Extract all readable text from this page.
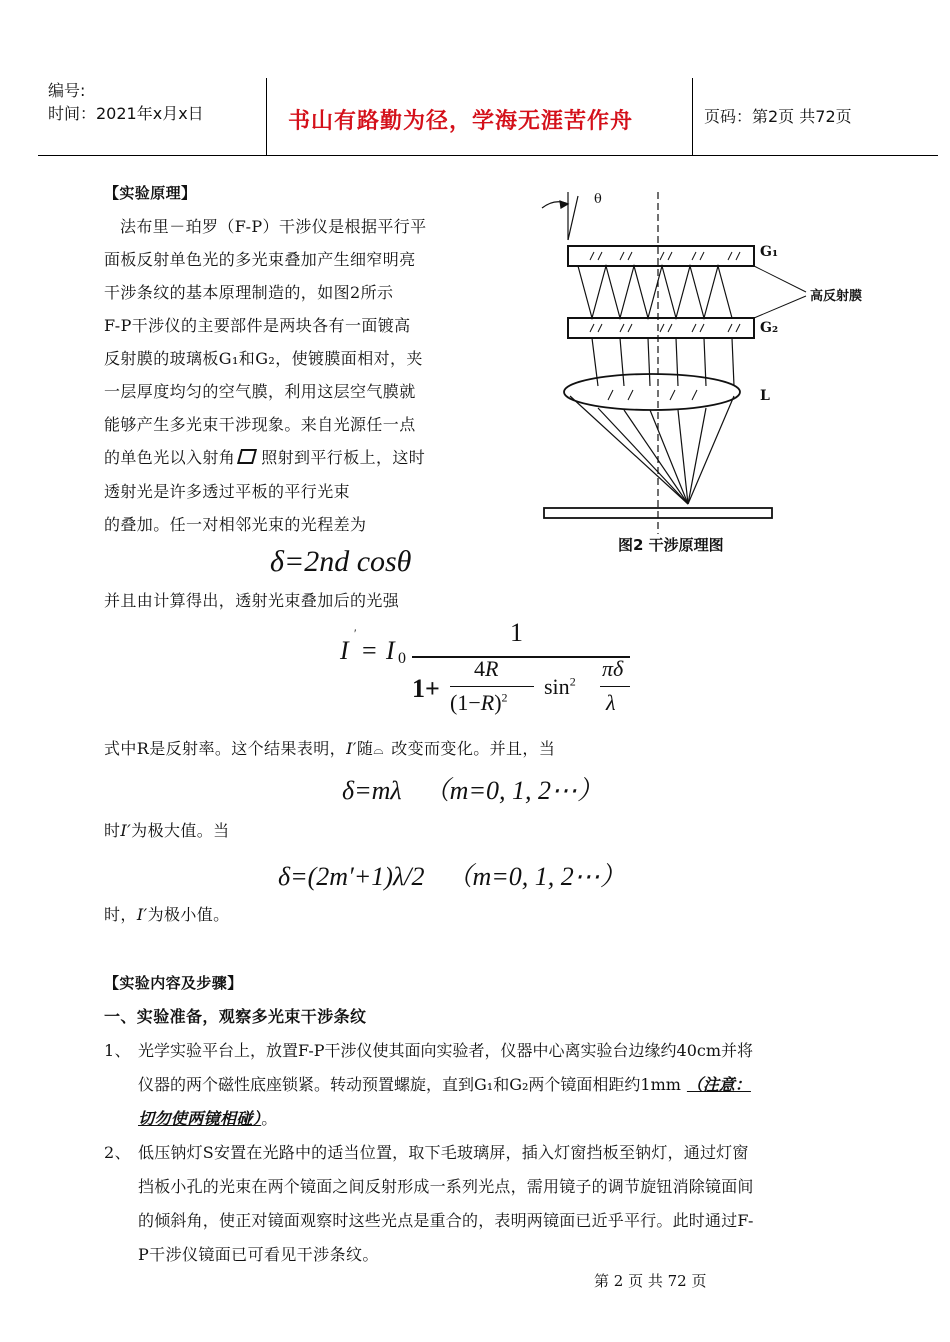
编号:
时间：2021年x月x日	书山有路勤为径，学海无涯苦作舟	页码：第2页 共72页
【实验原理】
法布里－珀罗（F-P）干涉仪是根据平行平
面板反射单色光的多光束叠加产生细窄明亮
干涉条纹的基本原理制造的，如图2所示
F-P干涉仪的主要部件是两块各有一面镀高
反射膜的玻璃板G₁和G₂，使镀膜面相对，夹
一层厚度均匀的空气膜，利用这层空气膜就
能够产生多光束干涉现象。来自光源任一点
的单色光以入射角 照射到平行板上，这时
透射光是许多透过平板的平行光束
的叠加。任一对相邻光束的光程差为
θ
G₁
G₂
高反射膜
L
图2 干涉原理图
δ=2nd cosθ
并且由计算得出，透射光束叠加后的光强
I
′
= I 0
1
1+
4R
$(1-R)^2$ $\sin^2$
πδ
λ
式中R是反射率。这个结果表明，I′随⌓ 改变而变化。并且，当
δ=mλ （m=0, 1, 2⋯）
时I′为极大值。当
δ=(2m′+1)λ/2 （m=0, 1, 2⋯）
时，I′为极小值。
【实验内容及步骤】
一、实验准备，观察多光束干涉条纹
1、 光学实验平台上，放置F-P干涉仪使其面向实验者，仪器中心离实验台边缘约40cm并将
仪器的两个磁性底座锁紧。转动预置螺旋，直到G₁和G₂两个镜面相距约1mm （注意：
切勿使两镜相碰）。
2、 低压钠灯S安置在光路中的适当位置，取下毛玻璃屏，插入灯窗挡板至钠灯，通过灯窗
挡板小孔的光束在两个镜面之间反射形成一系列光点，需用镜子的调节旋钮消除镜面间
的倾斜角，使正对镜面观察时这些光点是重合的，表明两镜面已近乎平行。此时通过F-
P干涉仪镜面已可看见干涉条纹。
第 2 页 共 72 页
